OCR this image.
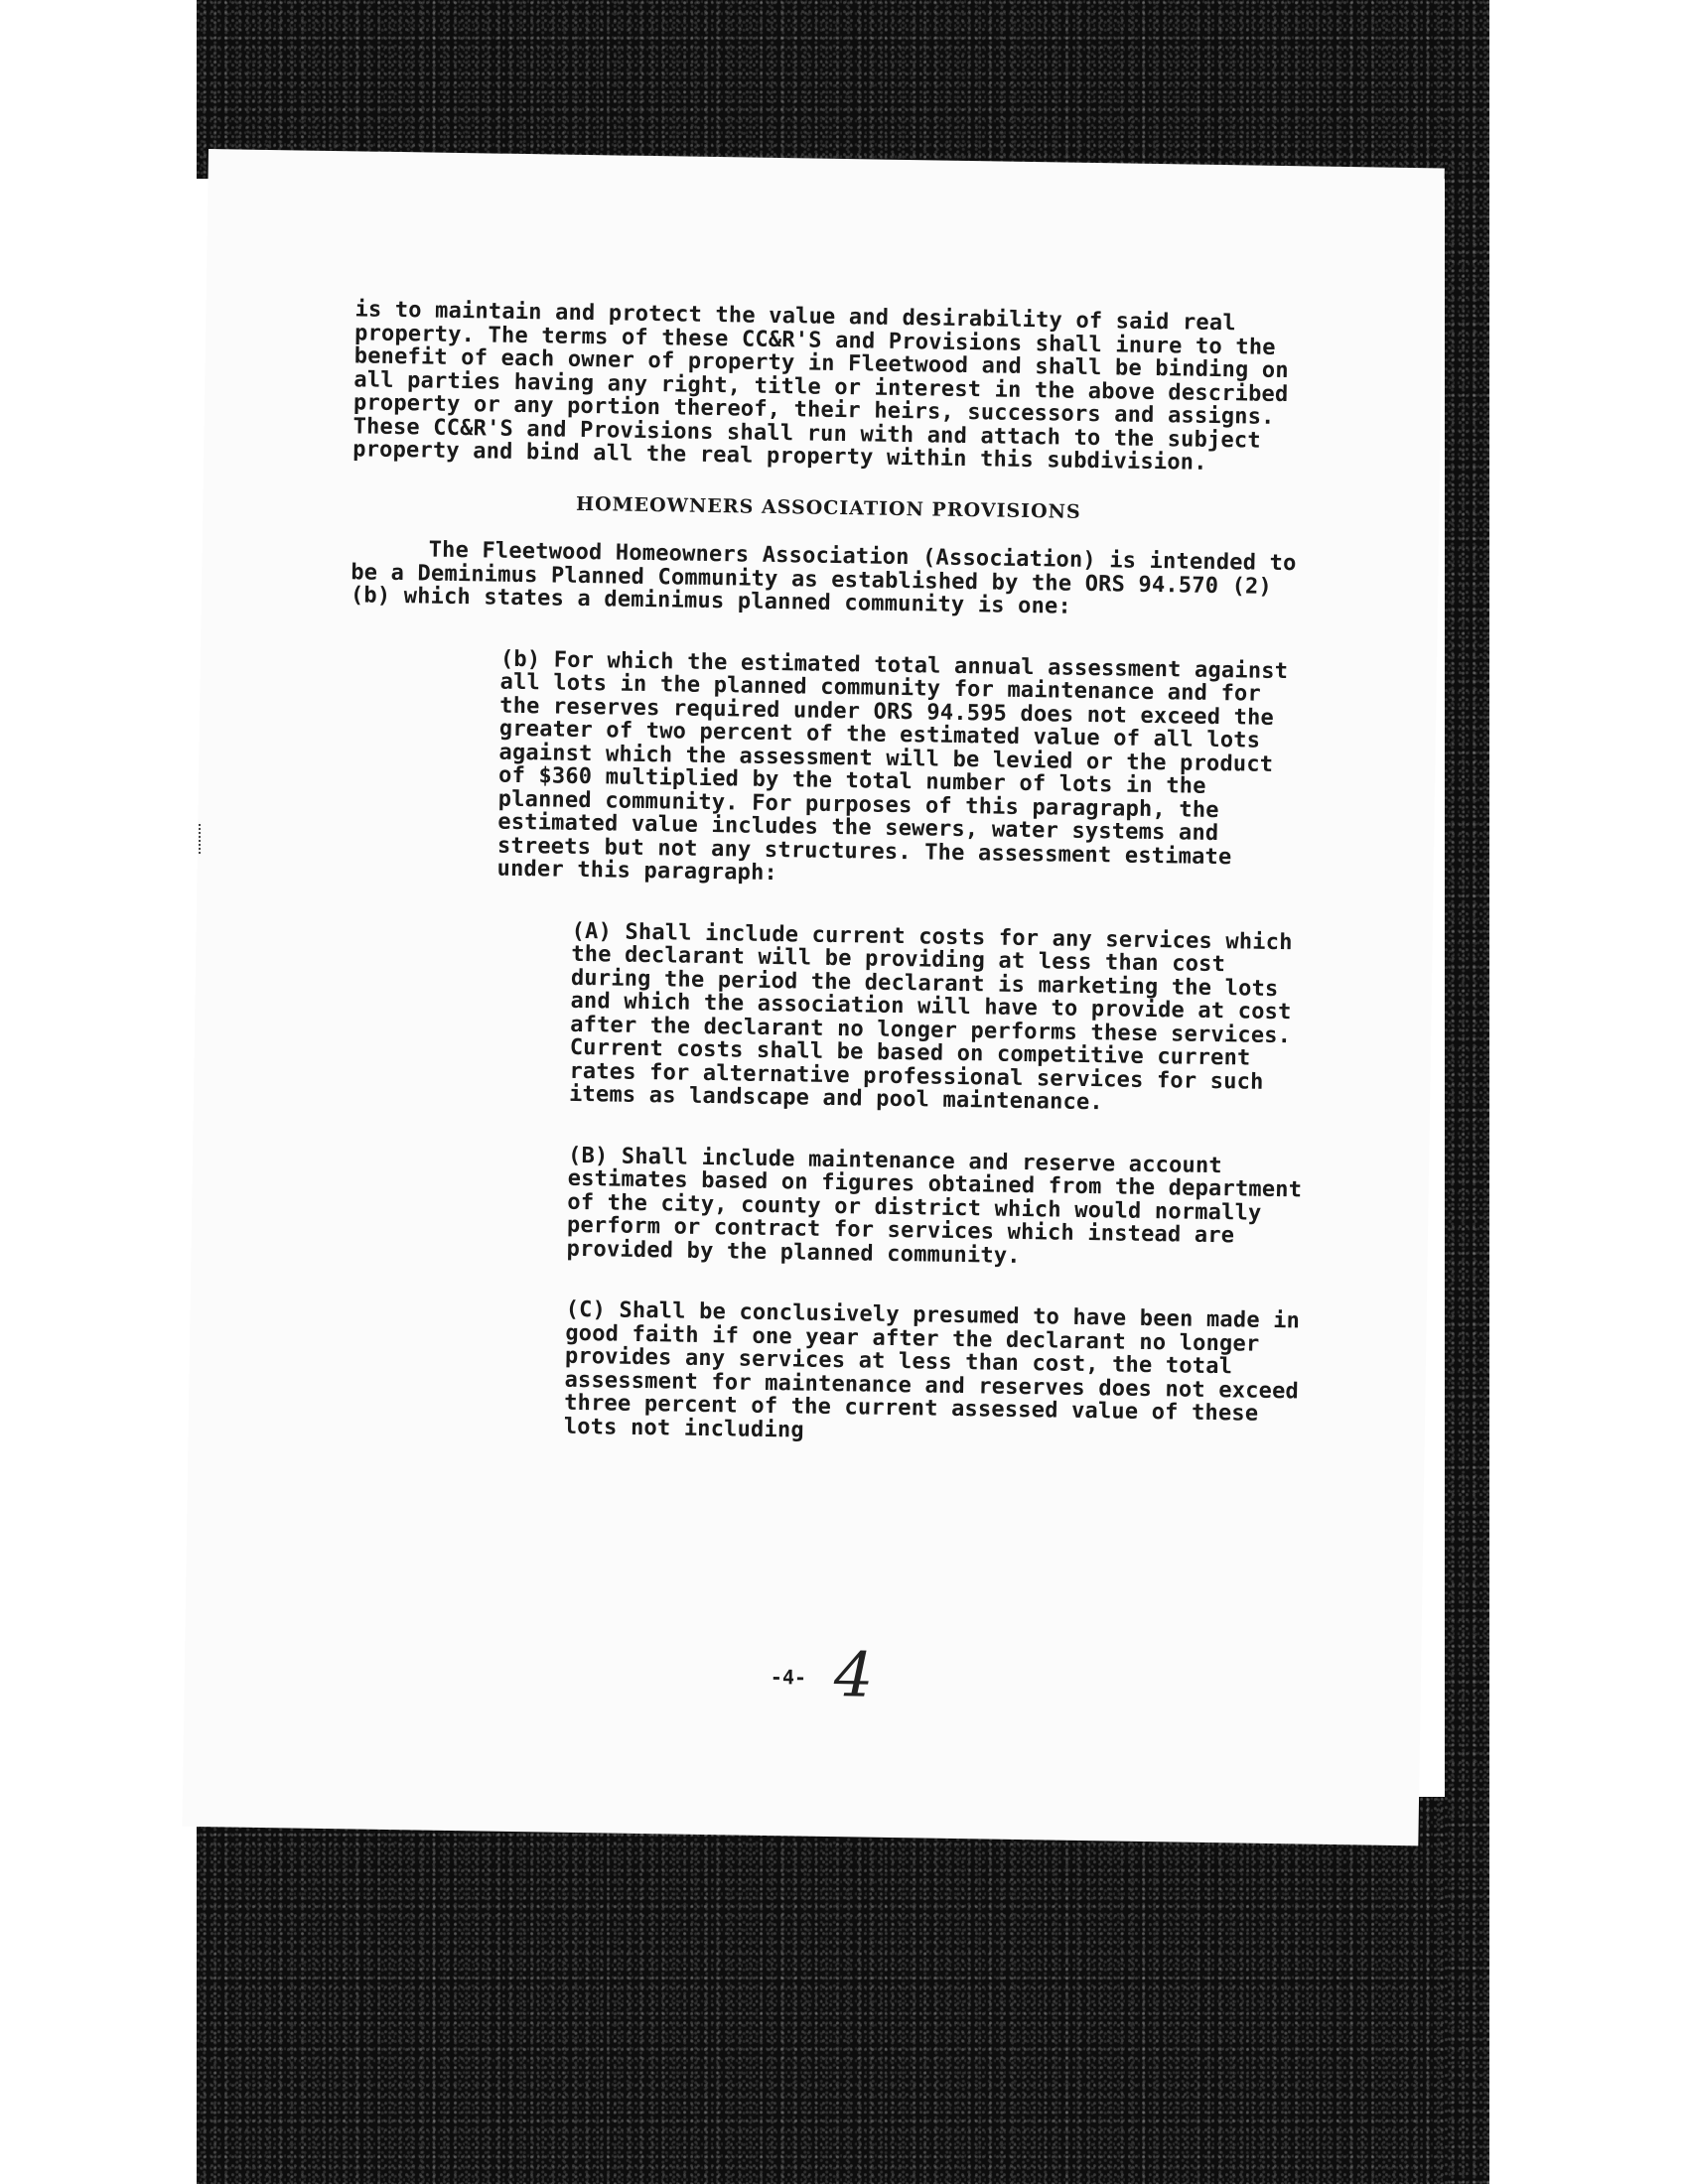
is to maintain and protect the value and desirability of said real property. The terms of these CC&R'S and Provisions shall inure to the benefit of each owner of property in Fleetwood and shall be binding on all parties having any right, title or interest in the above described property or any portion thereof, their heirs, successors and assigns. These CC&R'S and Provisions shall run with and attach to the subject property and bind all the real property within this subdivision.

HOMEOWNERS ASSOCIATION PROVISIONS

The Fleetwood Homeowners Association (Association) is intended to be a Deminimus Planned Community as established by the ORS 94.570 (2)(b) which states a deminimus planned community is one:

(b) For which the estimated total annual assessment against all lots in the planned community for maintenance and for the reserves required under ORS 94.595 does not exceed the greater of two percent of the estimated value of all lots against which the assessment will be levied or the product of $360 multiplied by the total number of lots in the planned community. For purposes of this paragraph, the estimated value includes the sewers, water systems and streets but not any structures. The assessment estimate under this paragraph:

(A) Shall include current costs for any services which the declarant will be providing at less than cost during the period the declarant is marketing the lots and which the association will have to provide at cost after the declarant no longer performs these services. Current costs shall be based on competitive current rates for alternative professional services for such items as landscape and pool maintenance.

(B) Shall include maintenance and reserve account estimates based on figures obtained from the department of the city, county or district which would normally perform or contract for services which instead are provided by the planned community.

(C) Shall be conclusively presumed to have been made in good faith if one year after the declarant no longer provides any services at less than cost, the total assessment for maintenance and reserves does not exceed three percent of the current assessed value of these lots not including

-4- 4
